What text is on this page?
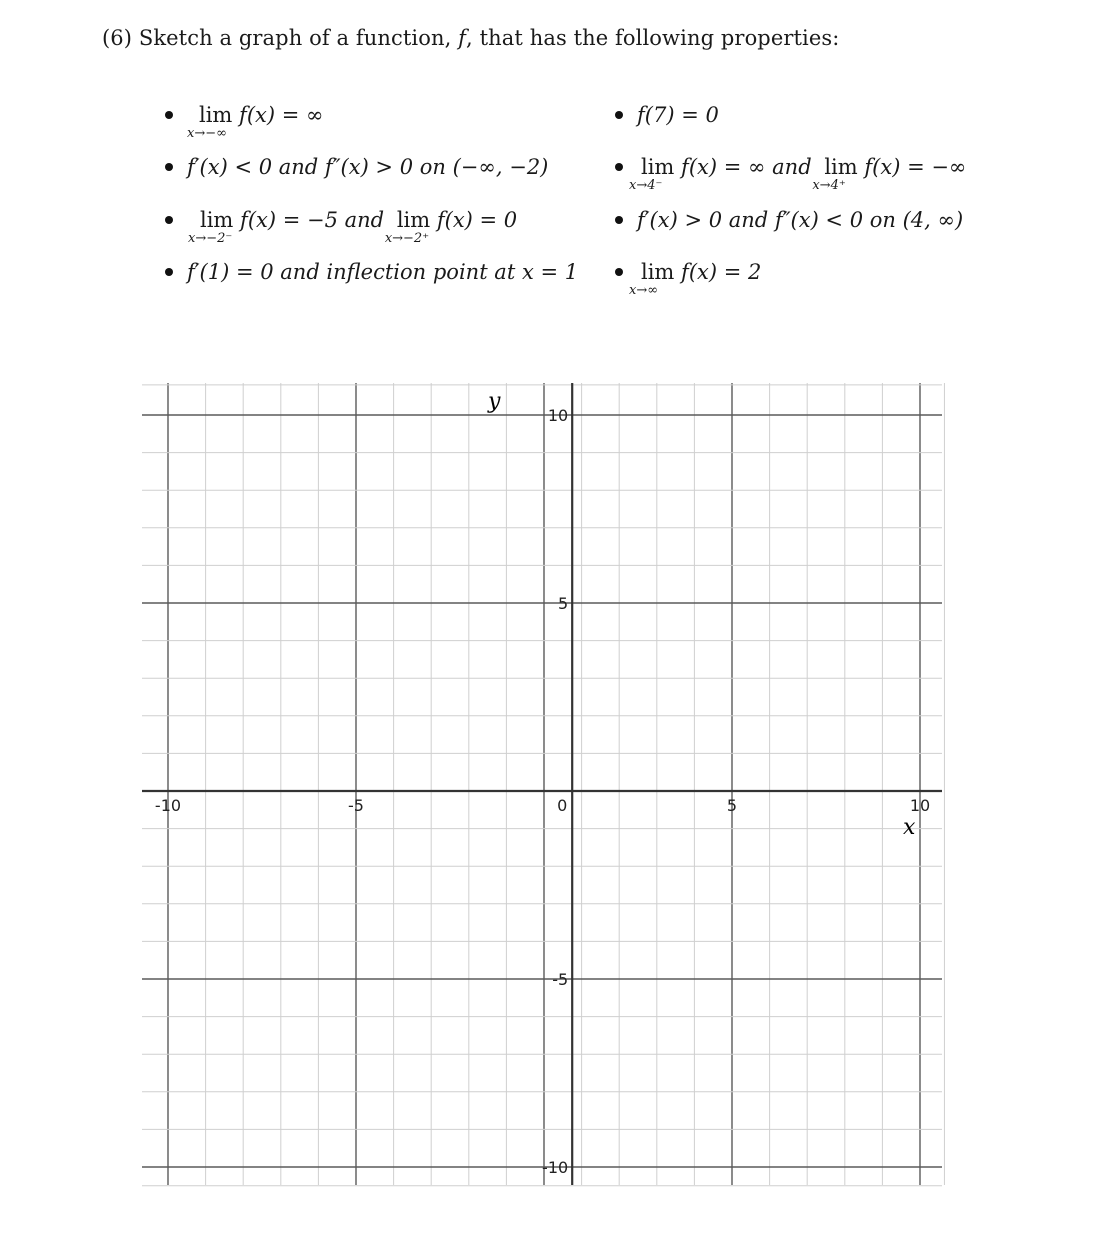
(6) Sketch a graph of a function, f, that has the following properties:
lim
x→−∞
f(x) = ∞
f′(x) < 0 and f″(x) > 0 on (−∞, −2)
lim
x→−2⁻
f(x) = −5 and lim
x→−2⁺
f(x) = 0
f′(1) = 0 and inflection point at x = 1
f(7) = 0
lim
x→4⁻
f(x) = ∞ and lim
x→4⁺
f(x) = −∞
f′(x) > 0 and f″(x) < 0 on (4, ∞)
lim
x→∞
f(x) = 2
-10	-5	0	5	10
10
5
-5
-10
y
x
